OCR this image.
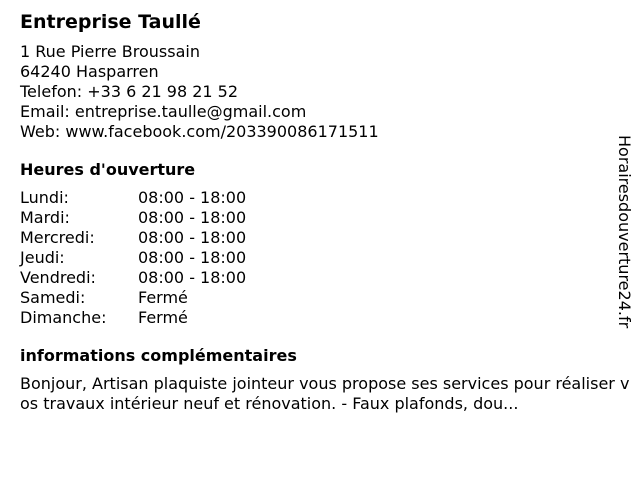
Entreprise Taullé
1 Rue Pierre Broussain
64240 Hasparren
Telefon: +33 6 21 98 21 52
Email: entreprise.taulle@gmail.com
Web: www.facebook.com/203390086171511
Heures d'ouverture
Lundi:	08:00 - 18:00
Mardi:	08:00 - 18:00
Mercredi:	08:00 - 18:00
Jeudi:	08:00 - 18:00
Vendredi:	08:00 - 18:00
Samedi:	Fermé
Dimanche:	Fermé
informations complémentaires
Bonjour, Artisan plaquiste jointeur vous propose ses services pour réaliser vos travaux intérieur neuf et rénovation. - Faux plafonds, dou...
Horairesdouverture24.fr
